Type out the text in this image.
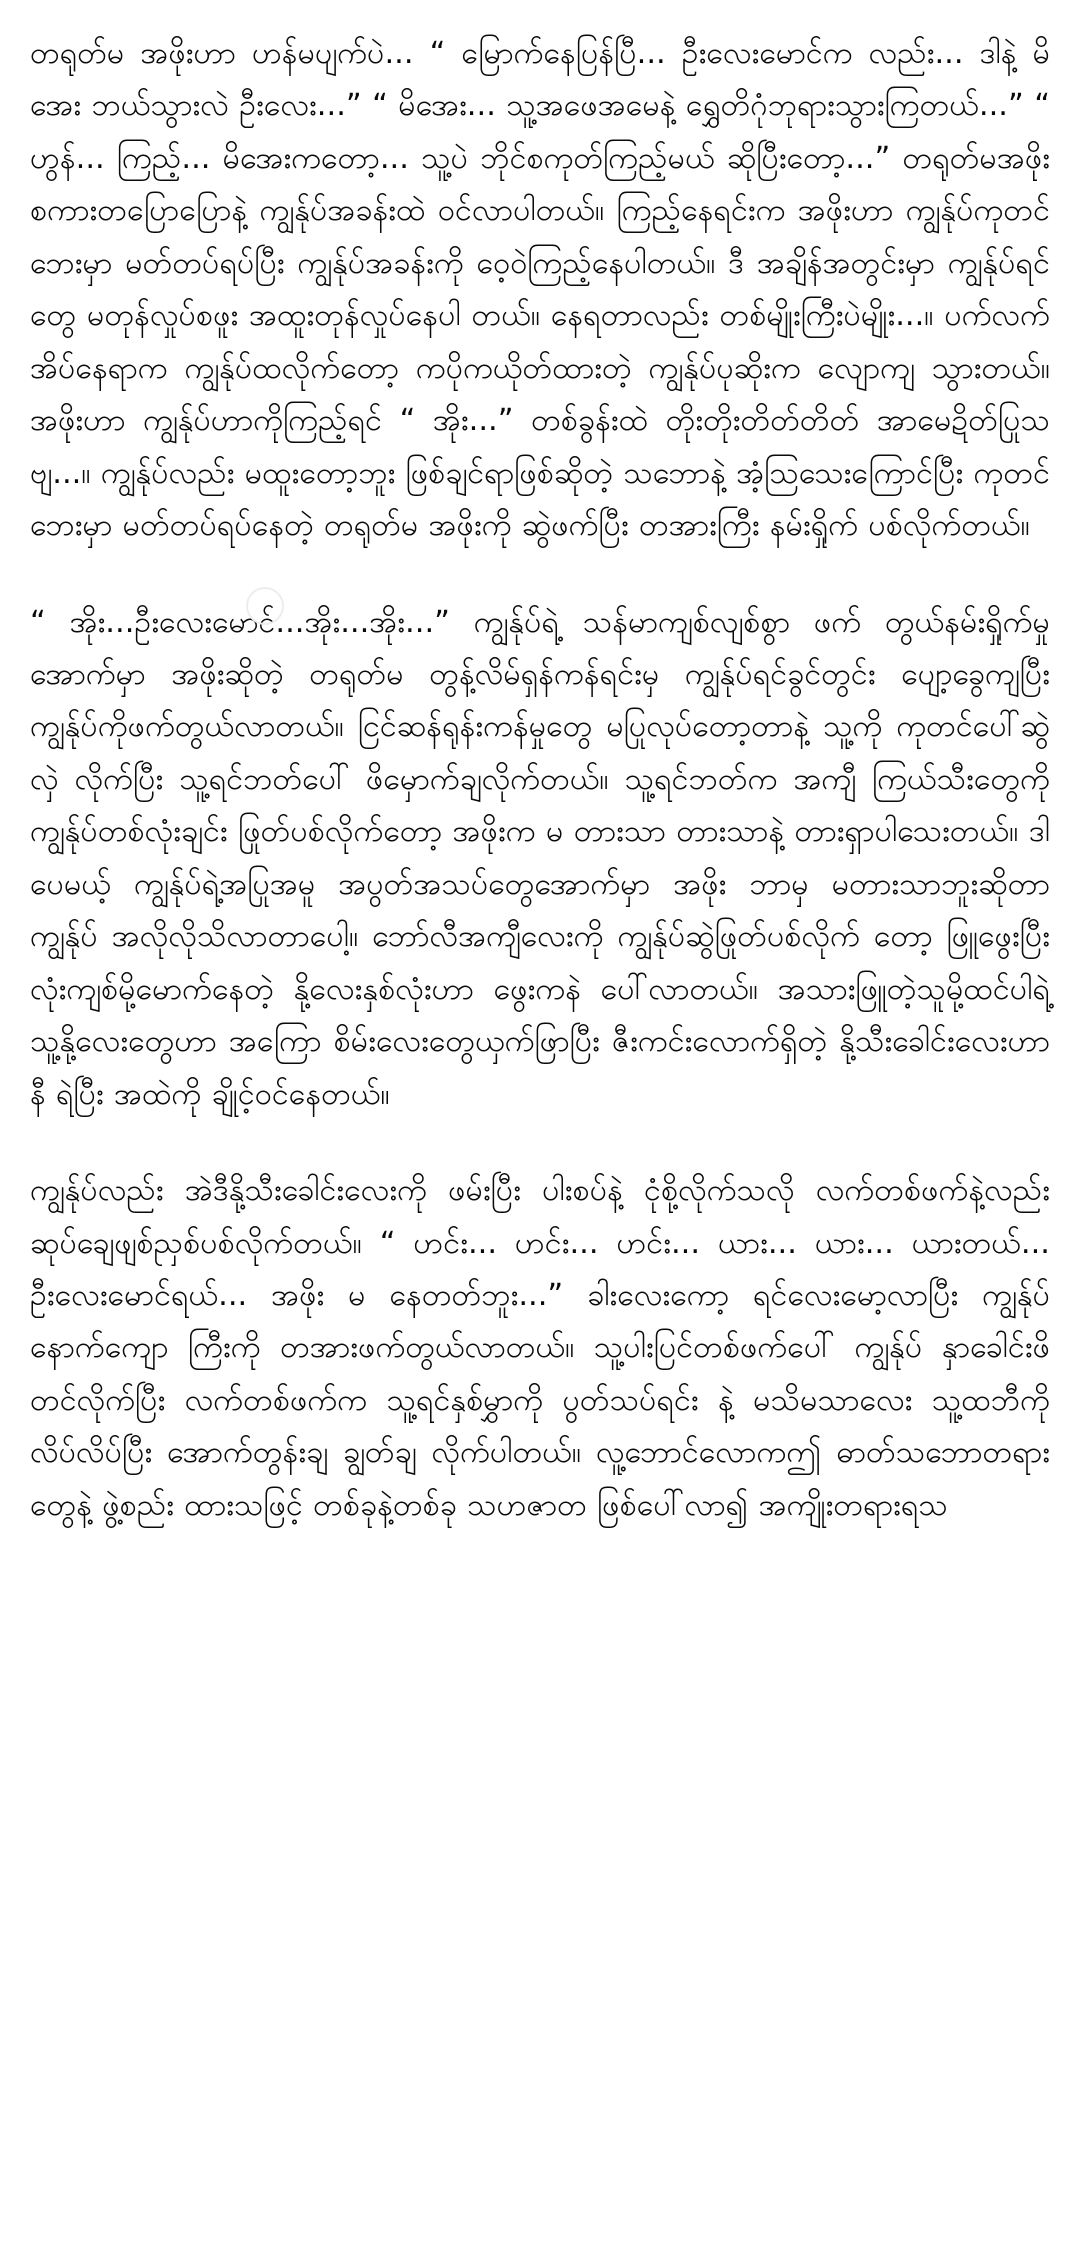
တရုတ်မ အဖိုးဟာ ဟန်မပျက်ပဲ... “ မြောက်နေပြန်ပြီ... ဦးလေးမောင်က လည်း... ဒါနဲ့ မိအေး ဘယ်သွားလဲ ဦးလေး...” “ မိအေး... သူ့အဖေအမေနဲ့ ရွှေတိဂုံဘုရားသွားကြတယ်...” “ ဟွန်... ကြည့်... မိအေးကတော့... သူ့ပဲ ဘိုင်စကုတ်ကြည့်မယ် ဆိုပြီးတော့...” တရုတ်မအဖိုး စကားတပြောပြောနဲ့ ကျွန်ုပ်အခန်းထဲ ဝင်လာပါတယ်။ ကြည့်နေရင်းက အဖိုးဟာ ကျွန်ုပ်ကုတင် ဘေးမှာ မတ်တပ်ရပ်ပြီး ကျွန်ုပ်အခန်းကို ဝေ့ဝဲကြည့်နေပါတယ်။ ဒီ အချိန်အတွင်းမှာ ကျွန်ုပ်ရင်တွေ မတုန်လှုပ်စဖူး အထူးတုန်လှုပ်နေပါ တယ်။ နေရတာလည်း တစ်မျိုးကြီးပဲမျိုး...။ ပက်လက်အိပ်နေရာက ကျွန်ုပ်ထလိုက်တော့ ကပိုကယိုတ်ထားတဲ့ ကျွန်ုပ်ပုဆိုးက လျောကျ သွားတယ်။ အဖိုးဟာ ကျွန်ုပ်ဟာကိုကြည့်ရင် “ အိုး...” တစ်ခွန်းထဲ တိုးတိုးတိတ်တိတ် အာမေဍိတ်ပြုသဗျ...။ ကျွန်ုပ်လည်း မထူးတော့ဘူး ဖြစ်ချင်ရာဖြစ်ဆိုတဲ့ သဘောနဲ့ အံ့သြသေးကြောင်ပြီး ကုတင်ဘေးမှာ မတ်တပ်ရပ်နေတဲ့ တရုတ်မ အဖိုးကို ဆွဲဖက်ပြီး တအားကြီး နမ်းရှိုက် ပစ်လိုက်တယ်။

“ အိုး...ဦးလေးမောင်...အိုး...အိုး...” ကျွန်ုပ်ရဲ့ သန်မာကျစ်လျစ်စွာ ဖက် တွယ်နမ်းရှိုက်မှုအောက်မှာ အဖိုးဆိုတဲ့ တရုတ်မ တွန့်လိမ်ရှန်ကန်ရင်းမှ ကျွန်ုပ်ရင်ခွင်တွင်း ပျော့ခွေကျပြီး ကျွန်ုပ်ကိုဖက်တွယ်လာတယ်။ ငြင်ဆန်ရုန်းကန်မှုတွေ မပြုလုပ်တော့တာနဲ့ သူ့ကို ကုတင်ပေါ်ဆွဲလှဲ လိုက်ပြီး သူ့ရင်ဘတ်ပေါ် ဖိမှောက်ချလိုက်တယ်။ သူ့ရင်ဘတ်က အကျီ ကြယ်သီးတွေကို ကျွန်ုပ်တစ်လုံးချင်း ဖြုတ်ပစ်လိုက်တော့ အဖိုးက မ တားသာ တားသာနဲ့ တားရှာပါသေးတယ်။ ဒါပေမယ့် ကျွန်ုပ်ရဲ့အပြုအမူ အပွတ်အသပ်တွေအောက်မှာ အဖိုး ဘာမှ မတားသာဘူးဆိုတာ ကျွန်ုပ် အလိုလိုသိလာတာပေါ့။ ဘော်လီအကျီလေးကို ကျွန်ုပ်ဆွဲဖြုတ်ပစ်လိုက် တော့ ဖြူဖွေးပြီး လုံးကျစ်မို့မောက်နေတဲ့ နို့လေးနှစ်လုံးဟာ ဖွေးကနဲ ပေါ်လာတယ်။ အသားဖြူတဲ့သူမို့ထင်ပါရဲ့ သူ့နို့လေးတွေဟာ အကြော စိမ်းလေးတွေယှက်ဖြာပြီး ဇီးကင်းလောက်ရှိတဲ့ နို့သီးခေါင်းလေးဟာ နီ ရဲပြီး အထဲကို ချိုင့်ဝင်နေတယ်။

ကျွန်ုပ်လည်း အဲဒီနို့သီးခေါင်းလေးကို ဖမ်းပြီး ပါးစပ်နဲ့ ငုံစို့လိုက်သလို လက်တစ်ဖက်နဲ့လည်း ဆုပ်ချေဖျစ်ညှစ်ပစ်လိုက်တယ်။ “ ဟင်း... ဟင်း... ဟင်း... ယား... ယား... ယားတယ်... ဦးလေးမောင်ရယ်... အဖိုး မ နေတတ်ဘူး...” ခါးလေးကော့ ရင်လေးမော့လာပြီး ကျွန်ုပ်နောက်ကျော ကြီးကို တအားဖက်တွယ်လာတယ်။ သူ့ပါးပြင်တစ်ဖက်ပေါ် ကျွန်ုပ် နှာခေါင်းဖိတင်လိုက်ပြီး လက်တစ်ဖက်က သူ့ရင်နှစ်မွှာကို ပွတ်သပ်ရင်း နဲ့ မသိမသာလေး သူ့ထဘီကို လိပ်လိပ်ပြီး အောက်တွန်းချ ချွတ်ချ လိုက်ပါတယ်။ လူ့ဘောင်လောကဤ ဓာတ်သဘောတရားတွေနဲ့ ဖွဲ့စည်း ထားသဖြင့် တစ်ခုနဲ့တစ်ခု သဟဇာတ ဖြစ်ပေါ်လာ၍ အကျိုးတရားရသ
